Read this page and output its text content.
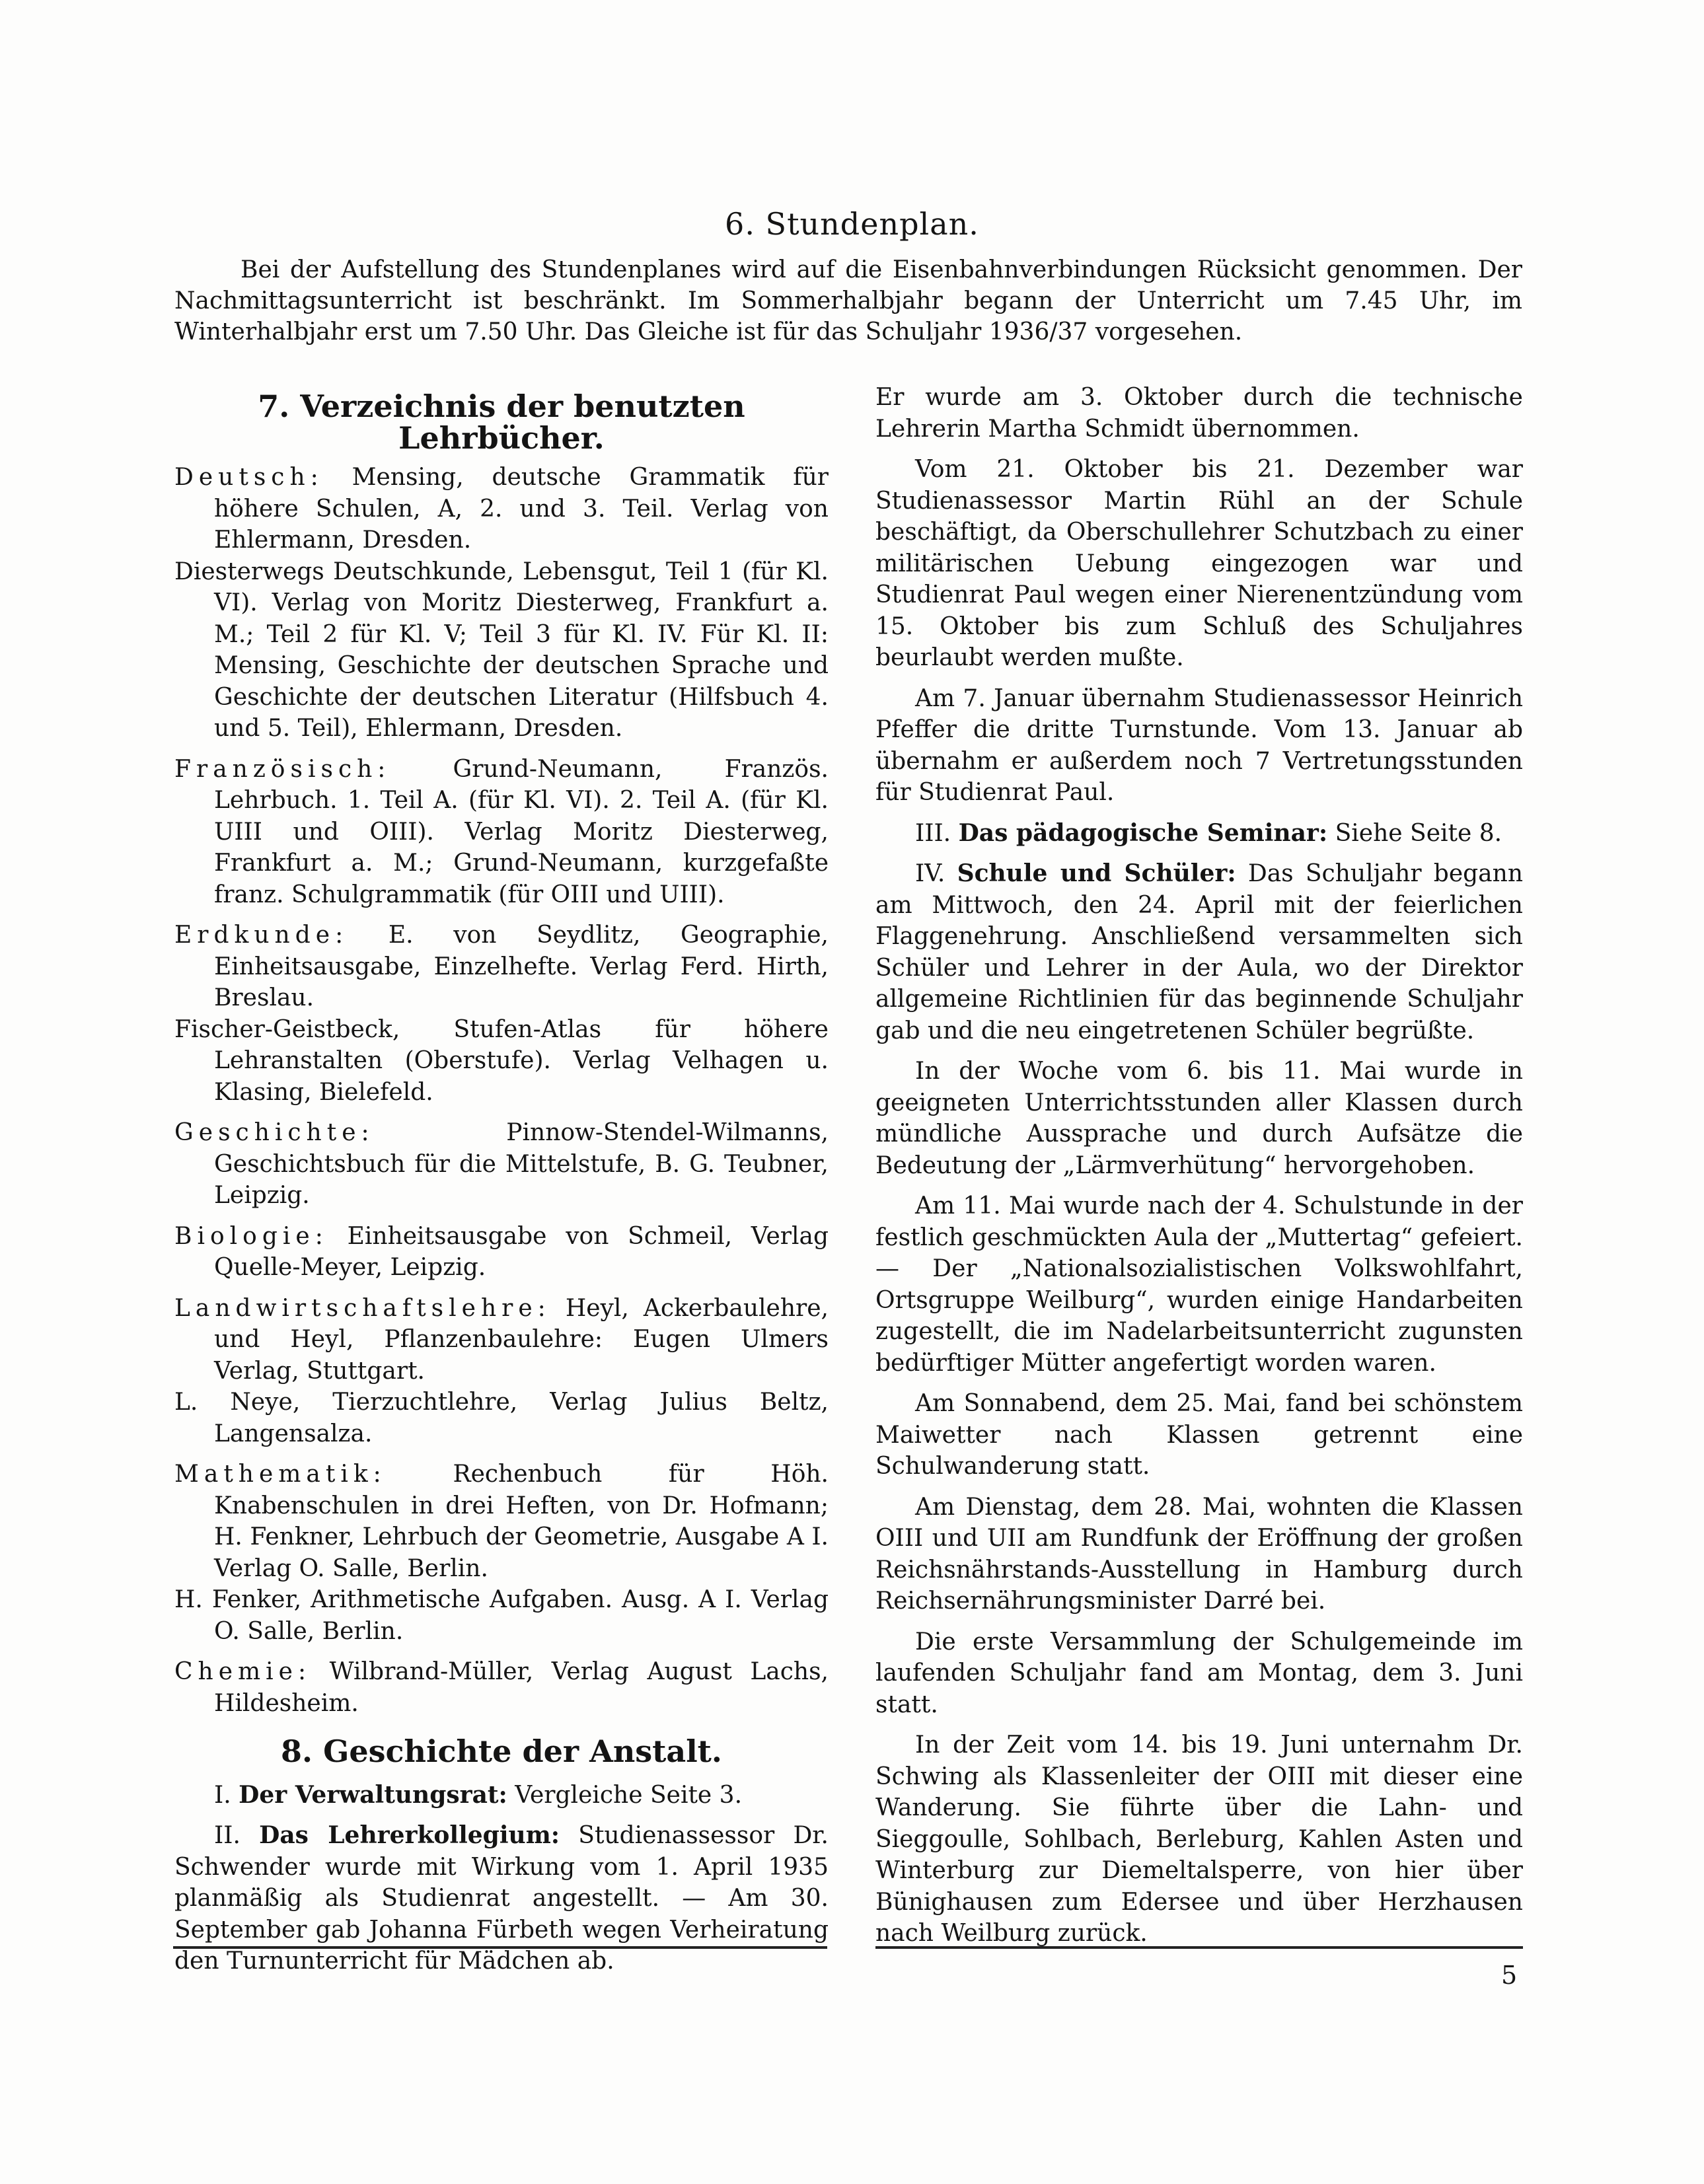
6. Stundenplan.

Bei der Aufstellung des Stundenplanes wird auf die Eisenbahnverbindungen Rücksicht genommen. Der Nachmittagsunterricht ist beschränkt. Im Sommerhalbjahr begann der Unterricht um 7.45 Uhr, im Winterhalbjahr erst um 7.50 Uhr. Das Gleiche ist für das Schuljahr 1936/37 vorgesehen.

7. Verzeichnis der benutzten Lehrbücher.

Deutsch: Mensing, deutsche Grammatik für höhere Schulen, A, 2. und 3. Teil. Verlag von Ehlermann, Dresden.
Diesterwegs Deutschkunde, Lebensgut, Teil 1 (für Kl. VI). Verlag von Moritz Diesterweg, Frankfurt a. M.; Teil 2 für Kl. V; Teil 3 für Kl. IV. Für Kl. II: Mensing, Geschichte der deutschen Sprache und Geschichte der deutschen Literatur (Hilfsbuch 4. und 5. Teil), Ehlermann, Dresden.

Französisch:	Grund-Neumann, Französ. Lehrbuch. 1. Teil A. (für Kl. VI). 2. Teil A. (für Kl. UIII und OIII). Verlag Moritz Diesterweg, Frankfurt a. M.; Grund-Neumann, kurzgefaßte franz. Schulgrammatik (für OIII und UIII).

Erdkunde: E. von Seydlitz, Geographie, Einheitsausgabe, Einzelhefte. Verlag Ferd. Hirth, Breslau.
Fischer-Geistbeck, Stufen-Atlas für höhere Lehranstalten (Oberstufe). Verlag Velhagen u. Klasing, Bielefeld.

Geschichte:	Pinnow-Stendel-Wilmanns, Geschichtsbuch für die Mittelstufe, B. G. Teubner, Leipzig.

Biologie: Einheitsausgabe von Schmeil, Verlag Quelle-Meyer, Leipzig.

Landwirtschaftslehre: Heyl, Ackerbaulehre, und Heyl, Pflanzenbaulehre: Eugen Ulmers Verlag, Stuttgart.
L. Neye, Tierzuchtlehre, Verlag Julius Beltz, Langensalza.

Mathematik:	Rechenbuch für Höh. Knabenschulen in drei Heften, von Dr. Hofmann; H. Fenkner, Lehrbuch der Geometrie, Ausgabe A I. Verlag O. Salle, Berlin.
H. Fenker, Arithmetische Aufgaben. Ausg. A I. Verlag O. Salle, Berlin.

Chemie: Wilbrand-Müller, Verlag August Lachs, Hildesheim.

8. Geschichte der Anstalt.

I. Der Verwaltungsrat: Vergleiche Seite 3.

II. Das Lehrerkollegium: Studienassessor Dr. Schwender wurde mit Wirkung vom 1. April 1935 planmäßig als Studienrat angestellt. — Am 30. September gab Johanna Fürbeth wegen Verheiratung den Turnunterricht für Mädchen ab.

Er wurde am 3. Oktober durch die technische Lehrerin Martha Schmidt übernommen.

Vom 21. Oktober bis 21. Dezember war Studienassessor Martin Rühl an der Schule beschäftigt, da Oberschullehrer Schutzbach zu einer militärischen Uebung eingezogen war und Studienrat Paul wegen einer Nierenentzündung vom 15. Oktober bis zum Schluß des Schuljahres beurlaubt werden mußte.

Am 7. Januar übernahm Studienassessor Heinrich Pfeffer die dritte Turnstunde. Vom 13. Januar ab übernahm er außerdem noch 7 Vertretungsstunden für Studienrat Paul.

III. Das pädagogische Seminar: Siehe Seite 8.

IV. Schule und Schüler: Das Schuljahr begann am Mittwoch, den 24. April mit der feierlichen Flaggenehrung. Anschließend versammelten sich Schüler und Lehrer in der Aula, wo der Direktor allgemeine Richtlinien für das beginnende Schuljahr gab und die neu eingetretenen Schüler begrüßte.

In der Woche vom 6. bis 11. Mai wurde in geeigneten Unterrichtsstunden aller Klassen durch mündliche Aussprache und durch Aufsätze die Bedeutung der „Lärmverhütung“ hervorgehoben.

Am 11. Mai wurde nach der 4. Schulstunde in der festlich geschmückten Aula der „Muttertag“ gefeiert. — Der „Nationalsozialistischen Volkswohlfahrt, Ortsgruppe Weilburg“, wurden einige Handarbeiten zugestellt, die im Nadelarbeitsunterricht zugunsten bedürftiger Mütter angefertigt worden waren.

Am Sonnabend, dem 25. Mai, fand bei schönstem Maiwetter nach Klassen getrennt eine Schulwanderung statt.

Am Dienstag, dem 28. Mai, wohnten die Klassen OIII und UII am Rundfunk der Eröffnung der großen Reichsnährstands-Ausstellung in Hamburg durch Reichsernährungsminister Darré bei.

Die erste Versammlung der Schulgemeinde im laufenden Schuljahr fand am Montag, dem 3. Juni statt.

In der Zeit vom 14. bis 19. Juni unternahm Dr. Schwing als Klassenleiter der OIII mit dieser eine Wanderung. Sie führte über die Lahn- und Sieggoulle, Sohlbach, Berleburg, Kahlen Asten und Winterburg zur Diemeltalsperre, von hier über Bünighausen zum Edersee und über Herzhausen nach Weilburg zurück.

5
